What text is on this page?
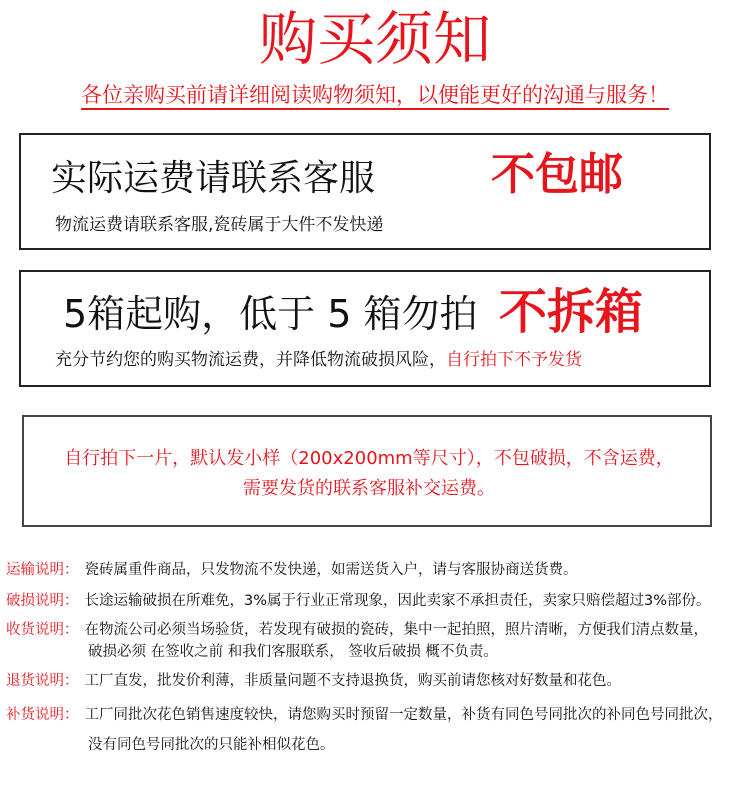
购买须知
各位亲购买前请详细阅读购物须知，以便能更好的沟通与服务！
实际运费请联系客服	不包邮
物流运费请联系客服,瓷砖属于大件不发快递
5箱起购，低于 5 箱勿拍 不拆箱
充分节约您的购买物流运费，并降低物流破损风险，自行拍下不予发货
自行拍下一片，默认发小样（200x200mm等尺寸），不包破损，不含运费，
需要发货的联系客服补交运费。
运输说明： 瓷砖属重件商品，只发物流不发快递，如需送货入户，请与客服协商送货费。
破损说明： 长途运输破损在所难免，3%属于行业正常现象，因此卖家不承担责任，卖家只赔偿超过3%部份。
收货说明： 在物流公司必须当场验货，若发现有破损的瓷砖，集中一起拍照，照片清晰，方便我们清点数量，
破损必须 在签收之前 和我们客服联系， 签收后破损 概不负责。
退货说明： 工厂直发，批发价利薄，非质量问题不支持退换货，购买前请您核对好数量和花色。
补货说明： 工厂同批次花色销售速度较快，请您购买时预留一定数量，补货有同色号同批次的补同色号同批次，
没有同色号同批次的只能补相似花色。
